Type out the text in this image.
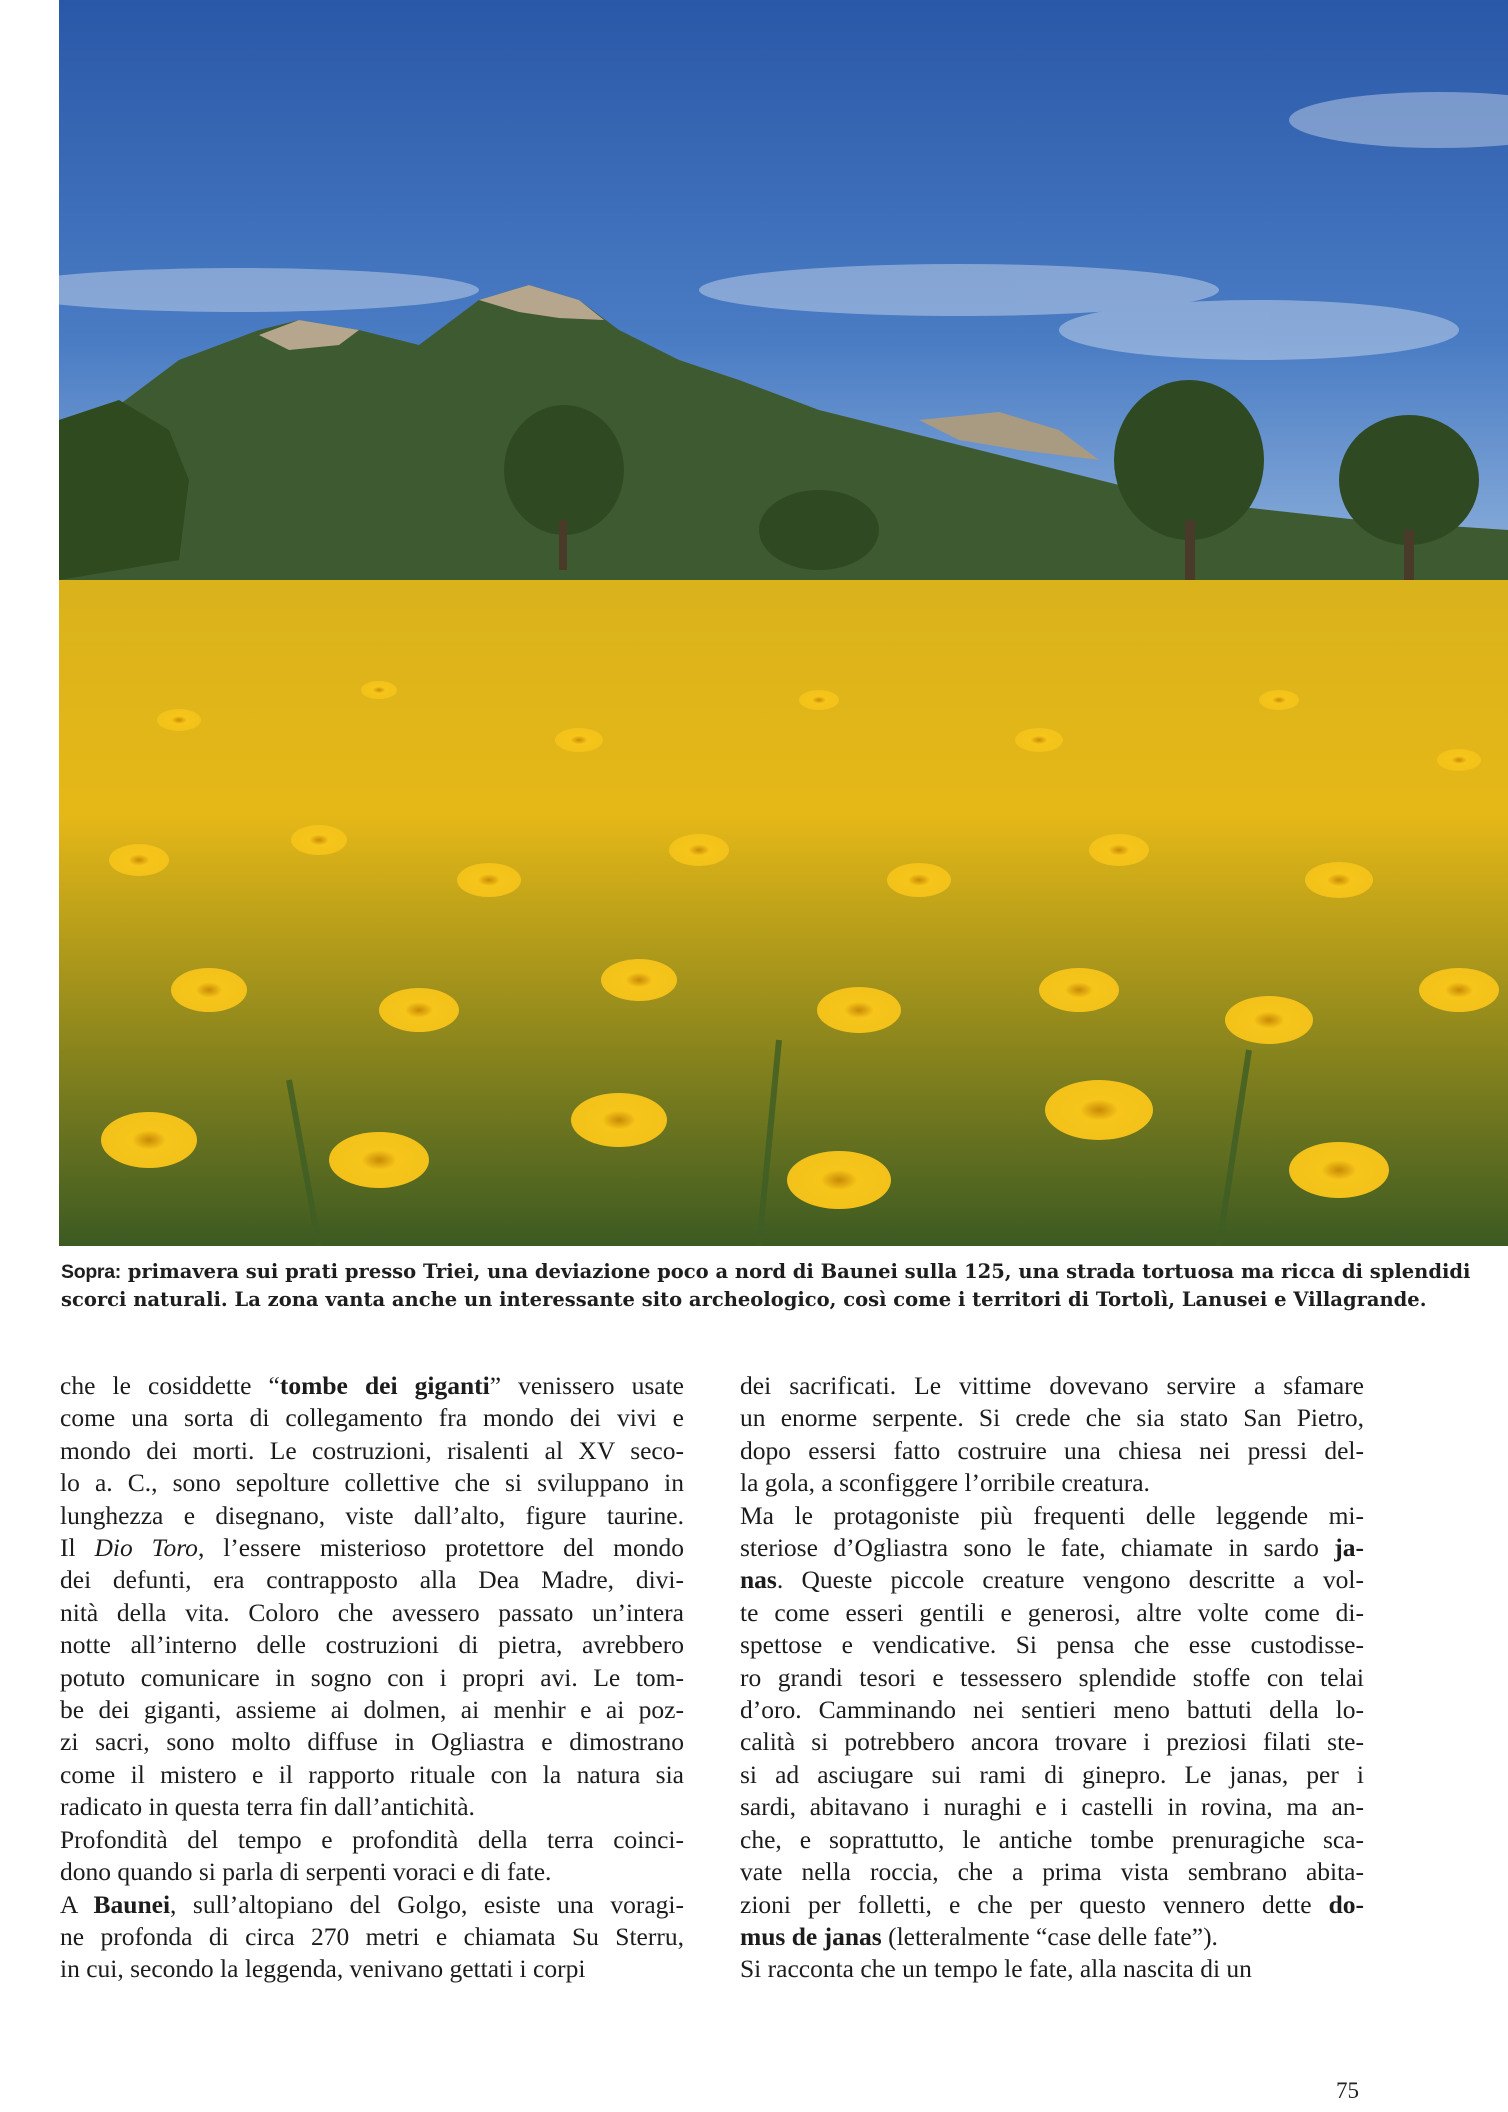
Sopra: primavera sui prati presso Triei, una deviazione poco a nord di Baunei sulla 125, una strada tortuosa ma ricca di splendidi scorci naturali. La zona vanta anche un interessante sito archeologico, così come i territori di Tortolì, Lanusei e Villagrande.
che le cosiddette “tombe dei giganti” venissero usate
come una sorta di collegamento fra mondo dei vivi e
mondo dei morti. Le costruzioni, risalenti al XV seco-
lo a. C., sono sepolture collettive che si sviluppano in
lunghezza e disegnano, viste dall’alto, figure taurine.
Il Dio Toro, l’essere misterioso protettore del mondo
dei defunti, era contrapposto alla Dea Madre, divi-
nità della vita. Coloro che avessero passato un’intera
notte all’interno delle costruzioni di pietra, avrebbero
potuto comunicare in sogno con i propri avi. Le tom-
be dei giganti, assieme ai dolmen, ai menhir e ai poz-
zi sacri, sono molto diffuse in Ogliastra e dimostrano
come il mistero e il rapporto rituale con la natura sia
radicato in questa terra fin dall’antichità.
Profondità del tempo e profondità della terra coinci-
dono quando si parla di serpenti voraci e di fate.
A Baunei, sull’altopiano del Golgo, esiste una voragi-
ne profonda di circa 270 metri e chiamata Su Sterru,
in cui, secondo la leggenda, venivano gettati i corpi
dei sacrificati. Le vittime dovevano servire a sfamare
un enorme serpente. Si crede che sia stato San Pietro,
dopo essersi fatto costruire una chiesa nei pressi del-
la gola, a sconfiggere l’orribile creatura.
Ma le protagoniste più frequenti delle leggende mi-
steriose d’Ogliastra sono le fate, chiamate in sardo ja-
nas. Queste piccole creature vengono descritte a vol-
te come esseri gentili e generosi, altre volte come di-
spettose e vendicative. Si pensa che esse custodisse-
ro grandi tesori e tessessero splendide stoffe con telai
d’oro. Camminando nei sentieri meno battuti della lo-
calità si potrebbero ancora trovare i preziosi filati ste-
si ad asciugare sui rami di ginepro. Le janas, per i
sardi, abitavano i nuraghi e i castelli in rovina, ma an-
che, e soprattutto, le antiche tombe prenuragiche sca-
vate nella roccia, che a prima vista sembrano abita-
zioni per folletti, e che per questo vennero dette do-
mus de janas (letteralmente “case delle fate”).
Si racconta che un tempo le fate, alla nascita di un
75
